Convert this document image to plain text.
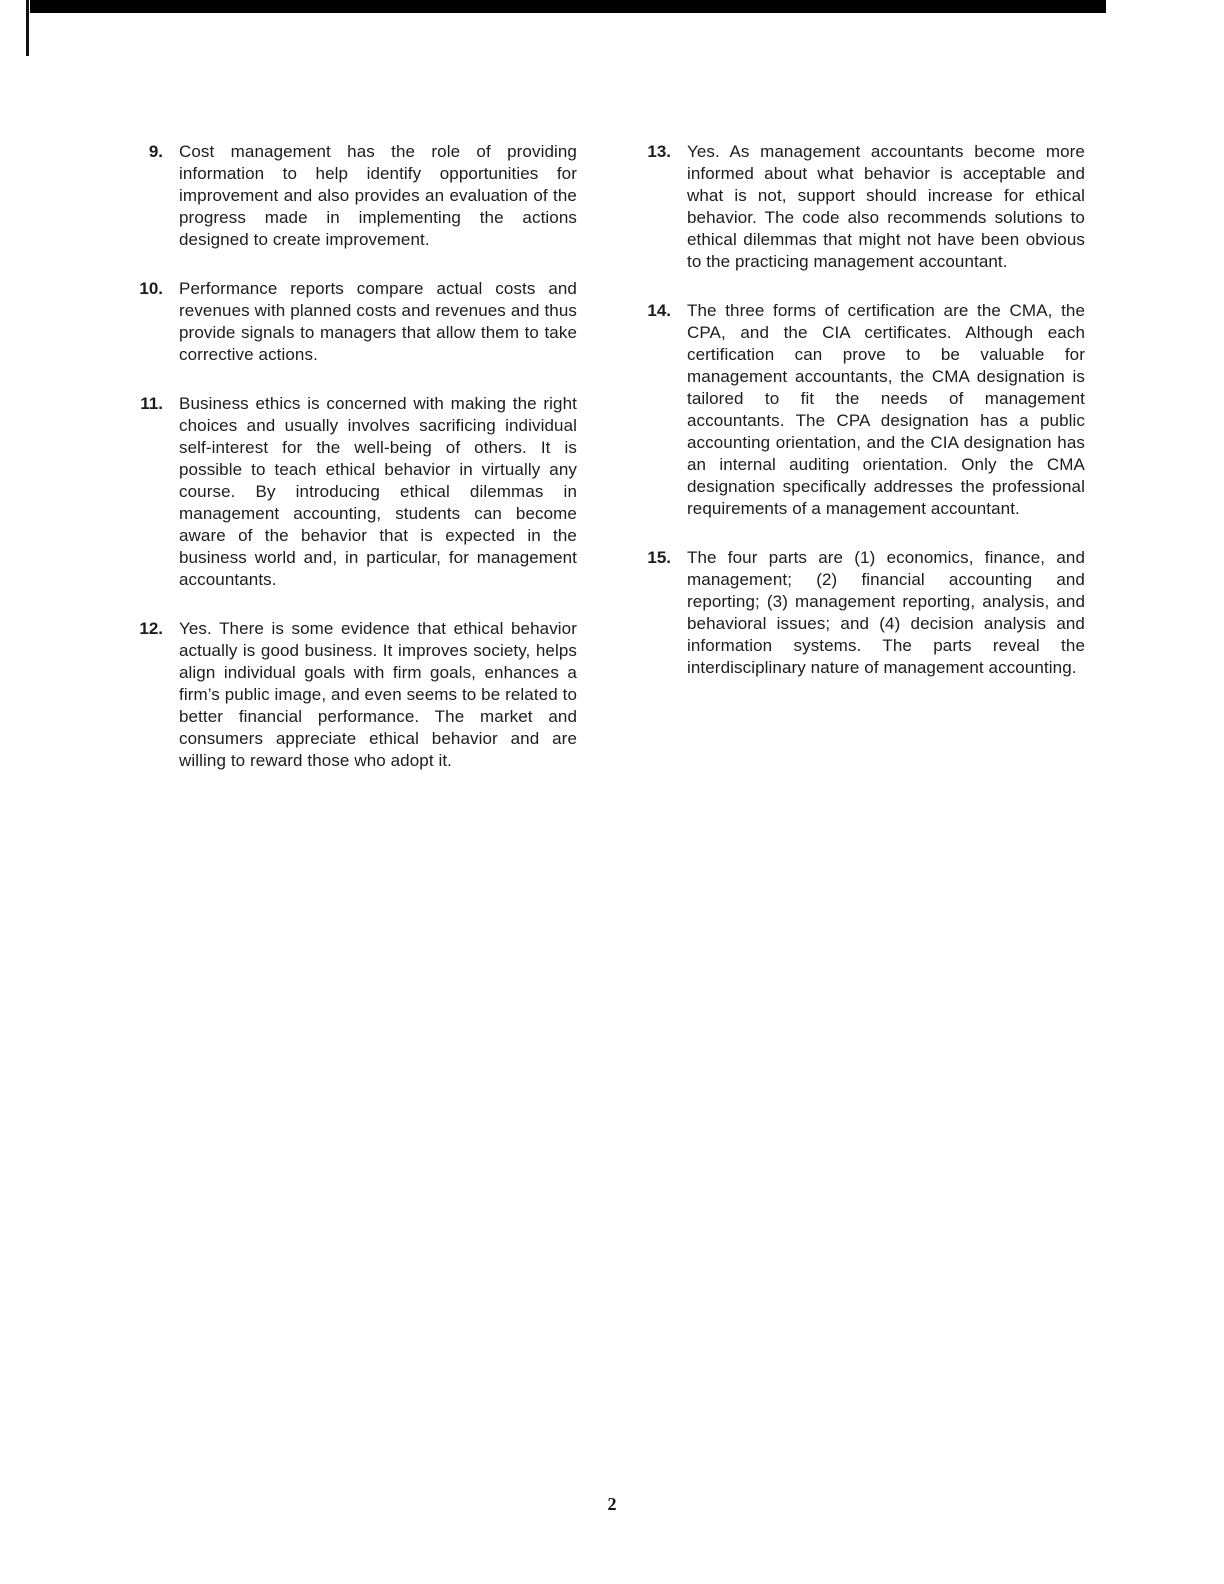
9. Cost management has the role of providing information to help identify opportunities for improvement and also provides an evaluation of the progress made in implementing the actions designed to create improvement.
10. Performance reports compare actual costs and revenues with planned costs and revenues and thus provide signals to managers that allow them to take corrective actions.
11. Business ethics is concerned with making the right choices and usually involves sacrificing individual self-interest for the well-being of others. It is possible to teach ethical behavior in virtually any course. By introducing ethical dilemmas in management accounting, students can become aware of the behavior that is expected in the business world and, in particular, for management accountants.
12. Yes. There is some evidence that ethical behavior actually is good business. It improves society, helps align individual goals with firm goals, enhances a firm’s public image, and even seems to be related to better financial performance. The market and consumers appreciate ethical behavior and are willing to reward those who adopt it.
13. Yes. As management accountants become more informed about what behavior is acceptable and what is not, support should increase for ethical behavior. The code also recommends solutions to ethical dilemmas that might not have been obvious to the practicing management accountant.
14. The three forms of certification are the CMA, the CPA, and the CIA certificates. Although each certification can prove to be valuable for management accountants, the CMA designation is tailored to fit the needs of management accountants. The CPA designation has a public accounting orientation, and the CIA designation has an internal auditing orientation. Only the CMA designation specifically addresses the professional requirements of a management accountant.
15. The four parts are (1) economics, finance, and management; (2) financial accounting and reporting; (3) management reporting, analysis, and behavioral issues; and (4) decision analysis and information systems. The parts reveal the interdisciplinary nature of management accounting.
2
